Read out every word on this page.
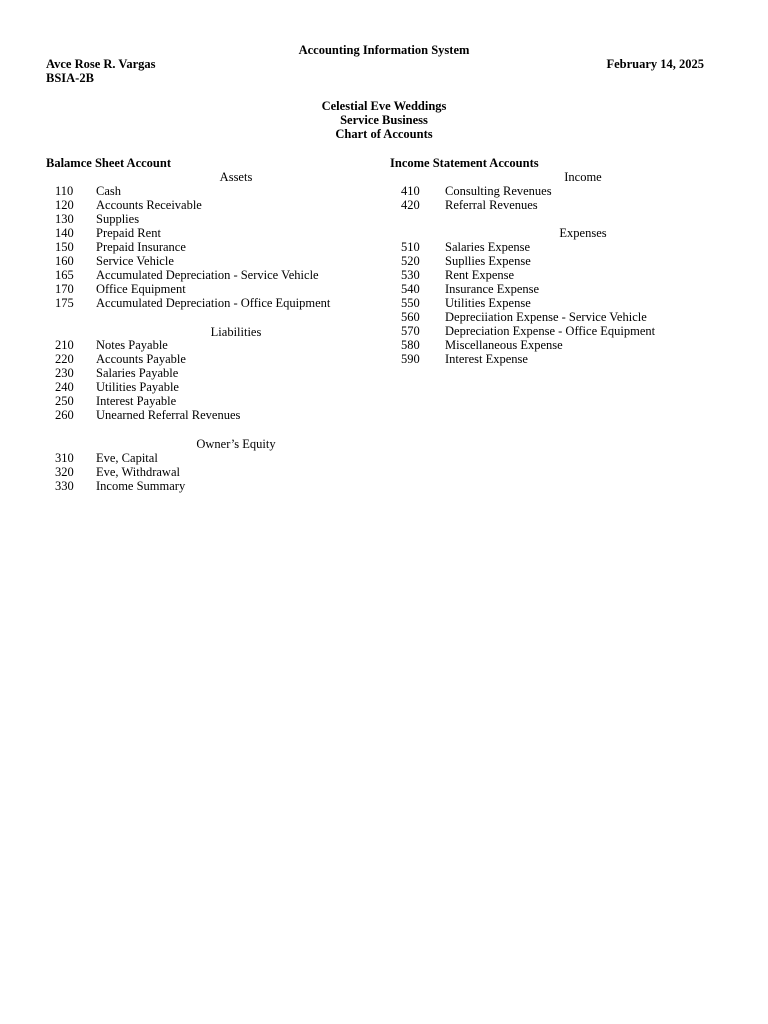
Accounting Information System
Avce Rose R. Vargas	February 14, 2025
BSIA-2B
Celestial Eve Weddings
Service Business
Chart of Accounts
Balamce Sheet Account	Income Statement Accounts
Assets
110	Cash
120	Accounts Receivable
130	Supplies
140	Prepaid Rent
150	Prepaid Insurance
160	Service Vehicle
165	Accumulated Depreciation - Service Vehicle
170	Office Equipment
175	Accumulated Depreciation - Office Equipment
Liabilities
210	Notes Payable
220	Accounts Payable
230	Salaries Payable
240	Utilities Payable
250	Interest Payable
260	Unearned Referral Revenues
Owner’s Equity
310	Eve, Capital
320	Eve, Withdrawal
330	Income Summary
Income
410	Consulting Revenues
420	Referral Revenues
Expenses
510	Salaries Expense
520	Supllies Expense
530	Rent Expense
540	Insurance Expense
550	Utilities Expense
560	Depreciiation Expense - Service Vehicle
570	Depreciation Expense - Office Equipment
580	Miscellaneous Expense
590	Interest Expense
